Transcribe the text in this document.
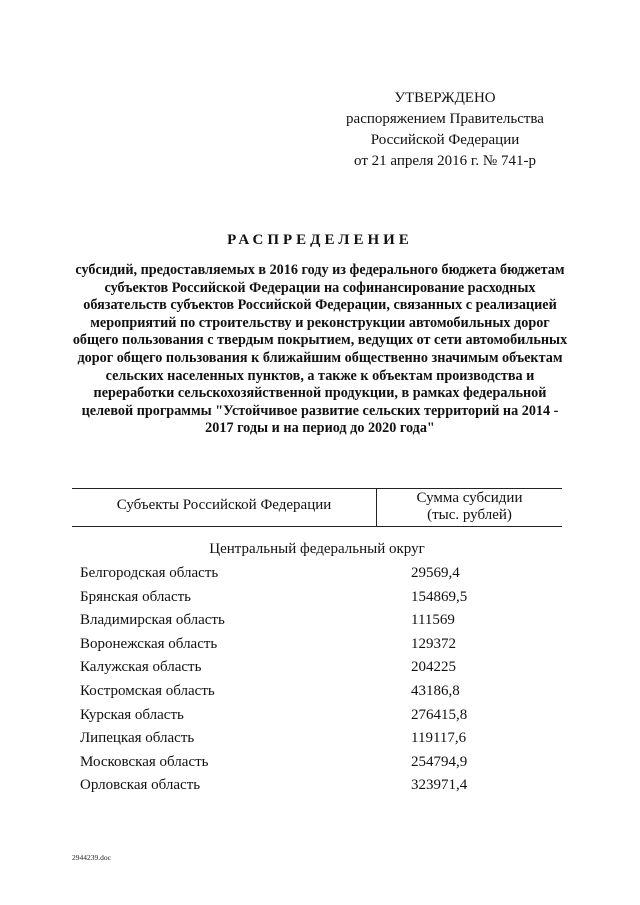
УТВЕРЖДЕНО
распоряжением Правительства
Российской Федерации
от 21 апреля 2016 г. № 741-р
РАСПРЕДЕЛЕНИЕ
субсидий, предоставляемых в 2016 году из федерального бюджета бюджетам субъектов Российской Федерации на софинансирование расходных обязательств субъектов Российской Федерации, связанных с реализацией мероприятий по строительству и реконструкции автомобильных дорог общего пользования с твердым покрытием, ведущих от сети автомобильных дорог общего пользования к ближайшим общественно значимым объектам сельских населенных пунктов, а также к объектам производства и переработки сельскохозяйственной продукции, в рамках федеральной целевой программы "Устойчивое развитие сельских территорий на 2014 - 2017 годы и на период до 2020 года"
Субъекты Российской Федерации	Сумма субсидии
(тыс. рублей)
Центральный федеральный округ
Белгородская область	29569,4
Брянская область	154869,5
Владимирская область	111569
Воронежская область	129372
Калужская область	204225
Костромская область	43186,8
Курская область	276415,8
Липецкая область	119117,6
Московская область	254794,9
Орловская область	323971,4
2944239.doc
